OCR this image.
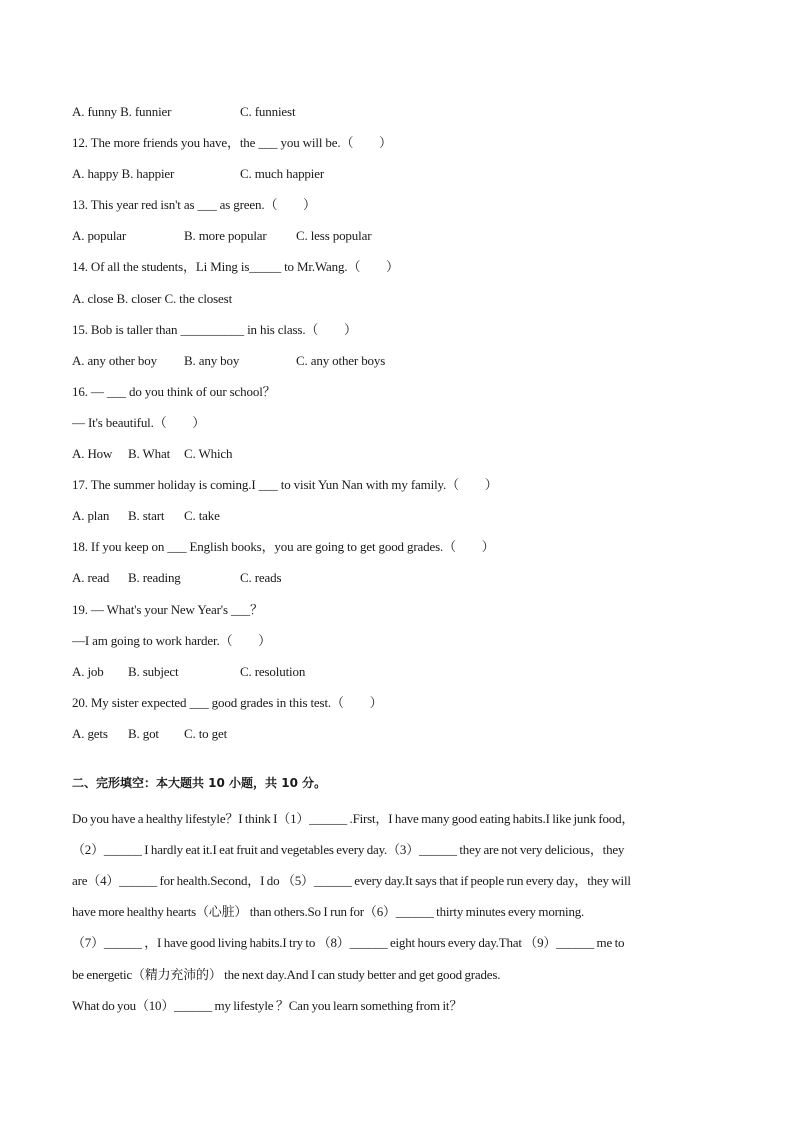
A. funny B. funnier	C. funniest
12. The more friends you have，the ___ you will be.（　　）
A. happy B. happier	C. much happier
13. This year red isn't as ___ as green.（　　）
A. popular	B. more popular C. less popular
14. Of all the students，Li Ming is_____ to Mr.Wang.（　　）
A. close B. closer C. the closest
15. Bob is taller than __________ in his class.（　　）
A. any other boy B. any boy	C. any other boys
16. — ___ do you think of our school？
— It's beautiful.（　　）
A. How B. What C. Which
17. The summer holiday is coming.I ___ to visit Yun Nan with my family.（　　）
A. plan B. start C. take
18. If you keep on ___ English books，you are going to get good grades.（　　）
A. read B. reading	C. reads
19. — What's your New Year's ___？
—I am going to work harder.（　　）
A. job B. subject	C. resolution
20. My sister expected ___ good grades in this test.（　　）
A. gets B. got C. to get
二、完形填空：本大题共 10 小题，共 10 分。

Do you have a healthy lifestyle？I think I（1）______ .First，I have many good eating habits.I like junk food，

（2）______ I hardly eat it.I eat fruit and vegetables every day.（3）______ they are not very delicious，they

are（4）______ for health.Second，I do （5）______ every day.It says that if people run every day，they will

have more healthy hearts（心脏） than others.So I run for（6）______ thirty minutes every morning.

（7）______ ，I have good living habits.I try to （8）______ eight hours every day.That （9）______ me to

be energetic（精力充沛的） the next day.And I can study better and get good grades.

What do you（10）______ my lifestyle ？Can you learn something from it？
